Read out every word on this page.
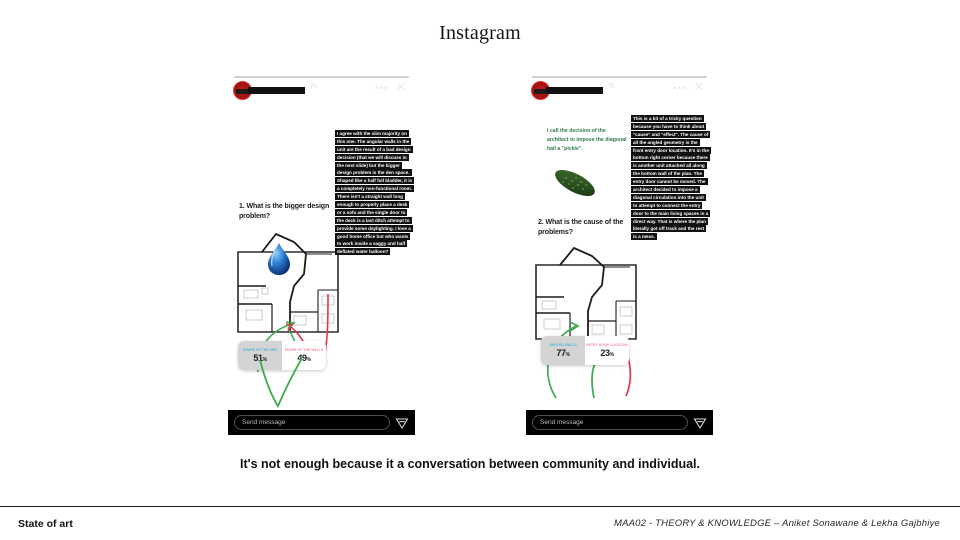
Instagram
7h	••• ✕
1. What is the bigger design problem?
I agree with the slim majority on this one. The angular walls in the unit are the result of a bad design decision (that we will discuss in the next slide) but the bigger design problem is the den space. Shaped like a half full bladder, it is a completely non-functional room. There isn't a straight wall long enough to properly place a desk or a sofa and the single door to the deck is a last ditch attempt to provide some daylighting. I love a good home office but who wants to work inside a saggy and half deflated water balloon?
SHAPE OF THE DEN
51%
SHAPE OF THE WALLS
49%
Send message
7h	••• ✕
I call the decision of the architect to impose the diagonal hall a "pickle".
2. What is the cause of the problems?
This is a bit of a tricky question because you have to think about "cause" and "effect". The cause of all the angled geometry is the front entry door location. It's in the bottom right corner because there is another unit attached all along the bottom wall of the plan. The entry door cannot be moved. The architect decided to impose a diagonal circulation into the unit to attempt to connect the entry door to the main living spaces in a direct way. That is where the plan literally got off track and the rest is a mess.
ANGLED WALLS
77%
ENTRY DOOR LOCATION
23%
Send message
It's not enough because it a conversation between community and individual.
State of art	MAA02 - THEORY & KNOWLEDGE – Aniket Sonawane & Lekha Gajbhiye
